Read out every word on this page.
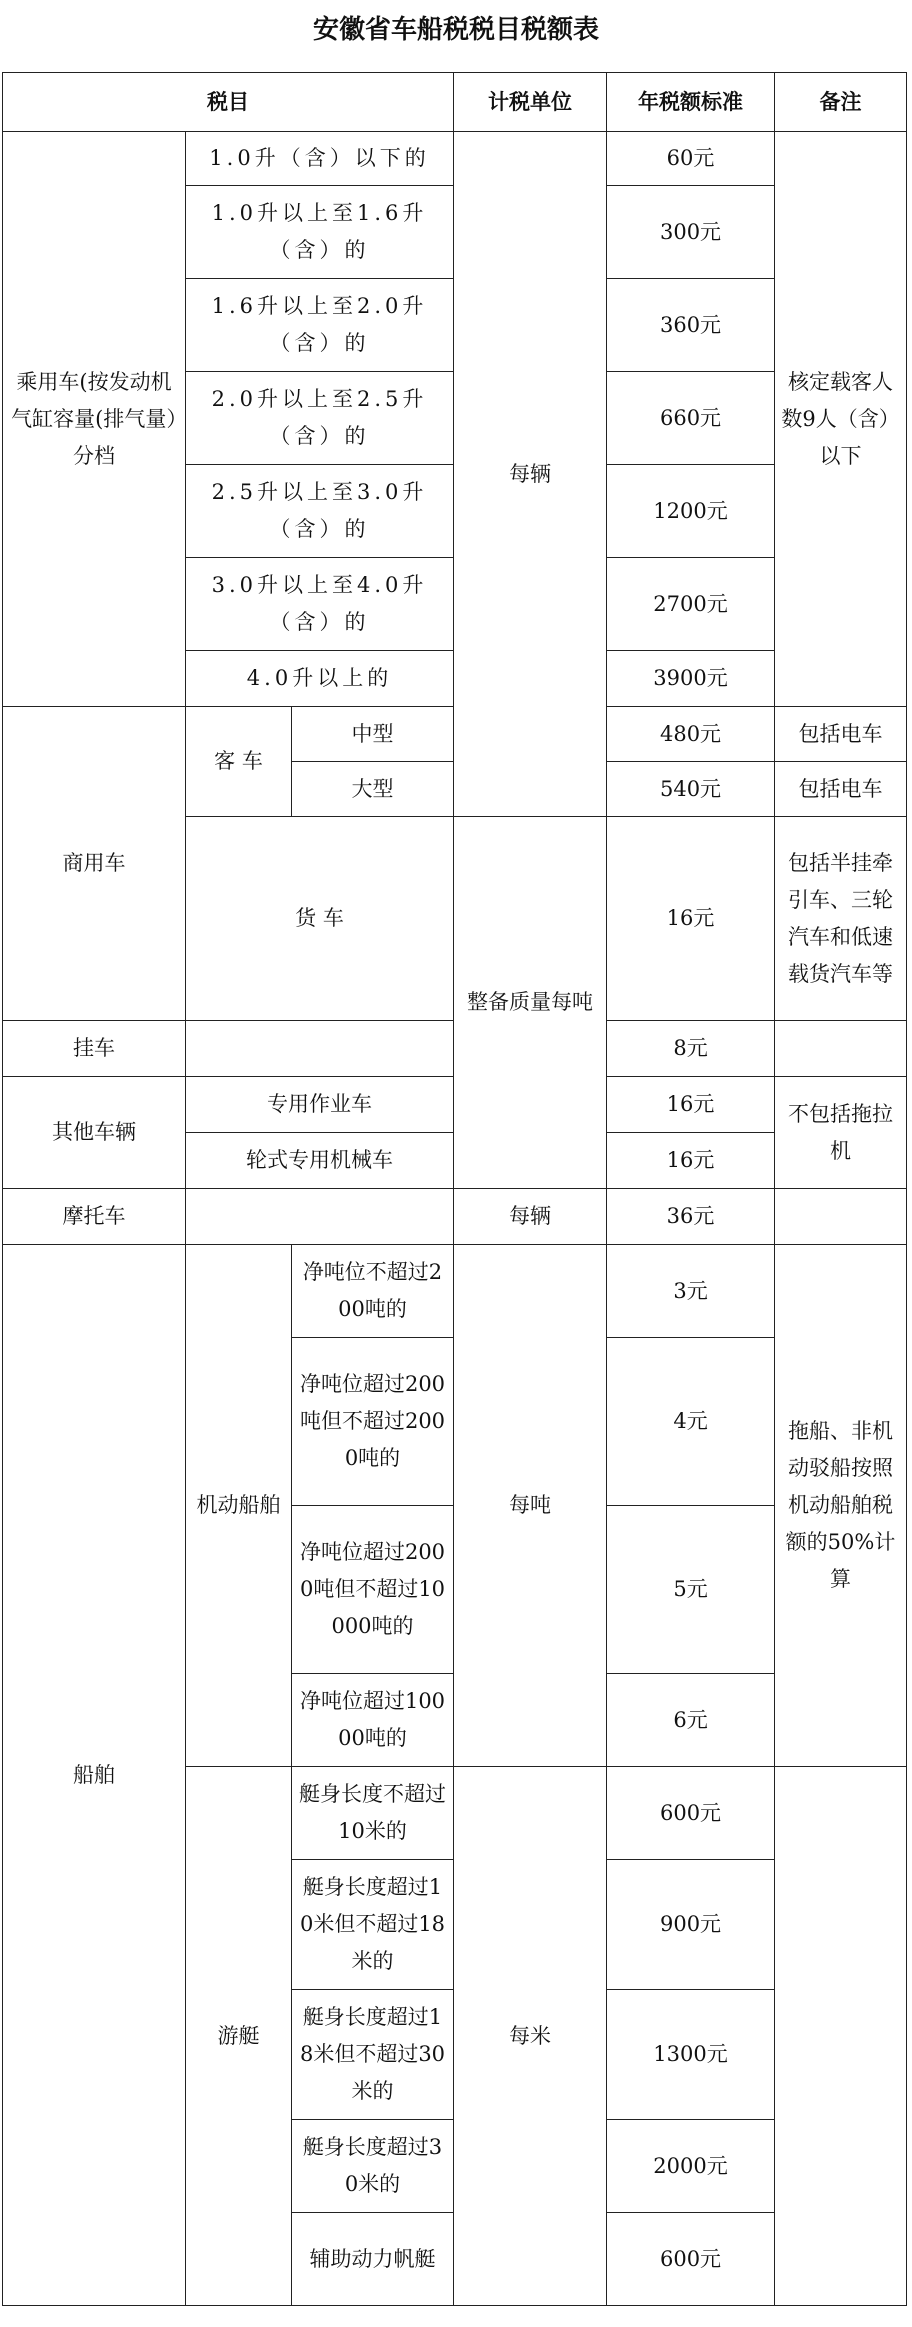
安徽省车船税税目税额表
税目			计税单位	年税额标准	备注
乘用车(按发动机气缸容量(排气量）分档	1.0升（含）以下的		每辆	60元	核定载客人数9人（含）以下
	1.0升以上至1.6升（含）的			300元	
	1.6升以上至2.0升（含）的			360元	
	2.0升以上至2.5升（含）的			660元	
	2.5升以上至3.0升（含）的			1200元	
	3.0升以上至4.0升（含）的			2700元	
	4.0升以上的			3900元	
商用车	客 车	中型		480元	包括电车
		大型		540元	包括电车
	货 车		整备质量每吨	16元	包括半挂牵引车、三轮汽车和低速载货汽车等
挂车				8元	
其他车辆	专用作业车			16元	不包括拖拉机
	轮式专用机械车			16元	
摩托车			每辆	36元	
船舶	机动船舶	净吨位不超过200吨的	每吨	3元	拖船、非机动驳船按照机动船舶税额的50%计算
		净吨位超过200吨但不超过2000吨的		4元	
		净吨位超过2000吨但不超过10000吨的		5元	
		净吨位超过10000吨的		6元	
	游艇	艇身长度不超过10米的	每米	600元	
		艇身长度超过10米但不超过18米的		900元	
		艇身长度超过18米但不超过30米的		1300元	
		艇身长度超过30米的		2000元	
		辅助动力帆艇		600元	
